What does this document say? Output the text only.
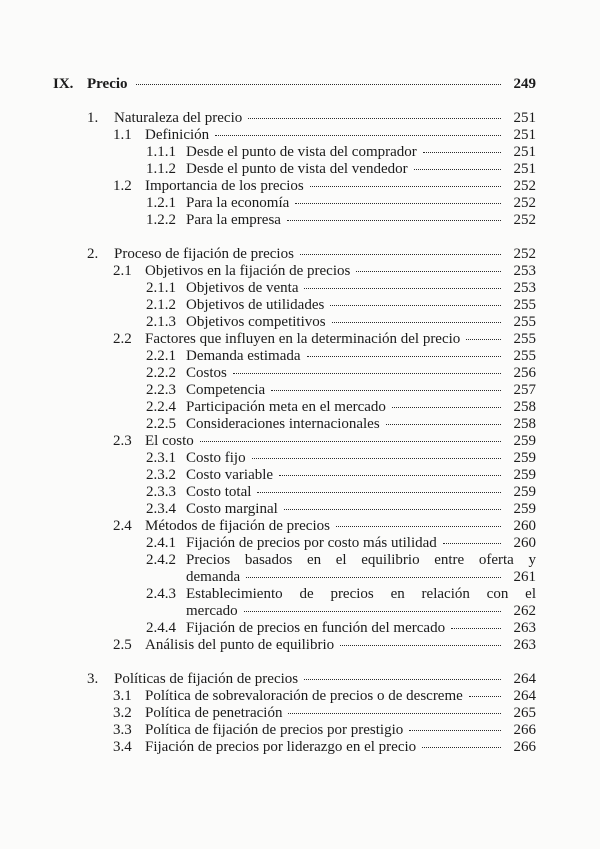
IX. Precio	249
1.	Naturaleza del precio	251
1.1 Definición	251
1.1.1 Desde el punto de vista del comprador	251
1.1.2 Desde el punto de vista del vendedor	251
1.2 Importancia de los precios	252
1.2.1 Para la economía	252
1.2.2 Para la empresa	252
2.	Proceso de fijación de precios	252
2.1 Objetivos en la fijación de precios	253
2.1.1 Objetivos de venta	253
2.1.2 Objetivos de utilidades	255
2.1.3 Objetivos competitivos	255
2.2 Factores que influyen en la determinación del precio	255
2.2.1 Demanda estimada	255
2.2.2 Costos	256
2.2.3 Competencia	257
2.2.4 Participación meta en el mercado	258
2.2.5 Consideraciones internacionales	258
2.3 El costo	259
2.3.1 Costo fijo	259
2.3.2 Costo variable	259
2.3.3 Costo total	259
2.3.4 Costo marginal	259
2.4 Métodos de fijación de precios	260
2.4.1 Fijación de precios por costo más utilidad	260
2.4.2 Precios basados en el equilibrio entre oferta y
demanda	261
2.4.3 Establecimiento de precios en relación con el
mercado	262
2.4.4 Fijación de precios en función del mercado	263
2.5 Análisis del punto de equilibrio	263
3.	Políticas de fijación de precios	264
3.1 Política de sobrevaloración de precios o de descreme	264
3.2 Política de penetración	265
3.3 Política de fijación de precios por prestigio	266
3.4 Fijación de precios por liderazgo en el precio	266
